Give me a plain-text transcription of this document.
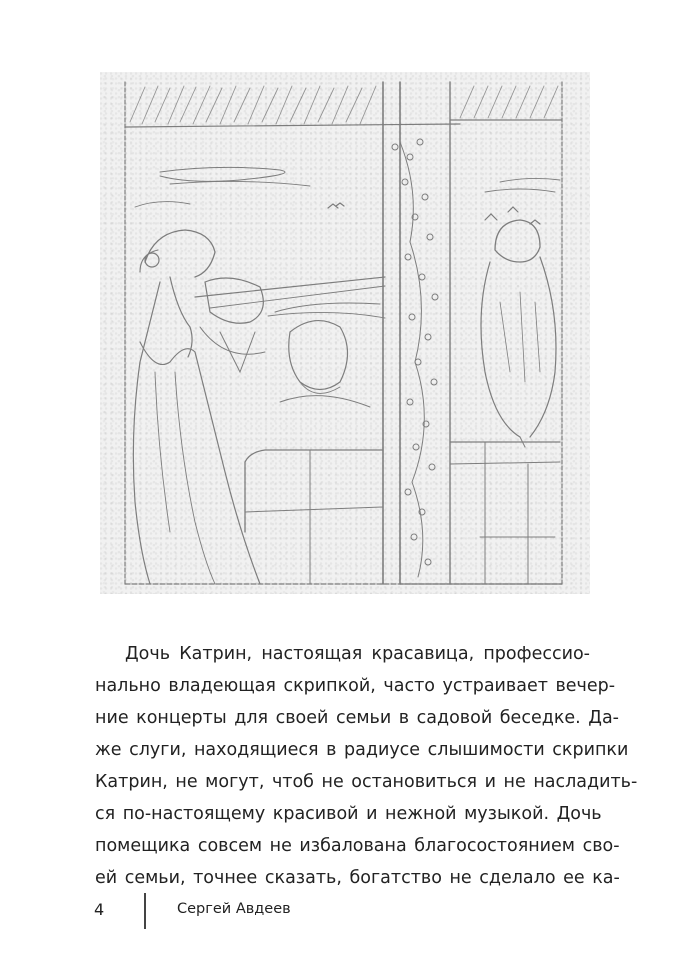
Дочь Катрин, настоящая красавица, профессио-
нально владеющая скрипкой, часто устраивает вечер-
ние концерты для своей семьи в садовой беседке. Да-
же слуги, находящиеся в радиусе слышимости скрипки
Катрин, не могут, чтоб не остановиться и не насладить-
ся по-настоящему красивой и нежной музыкой. Дочь
помещика совсем не избалована благосостоянием сво-
ей семьи, точнее сказать, богатство не сделало ее ка-
4	Сергей Авдеев
